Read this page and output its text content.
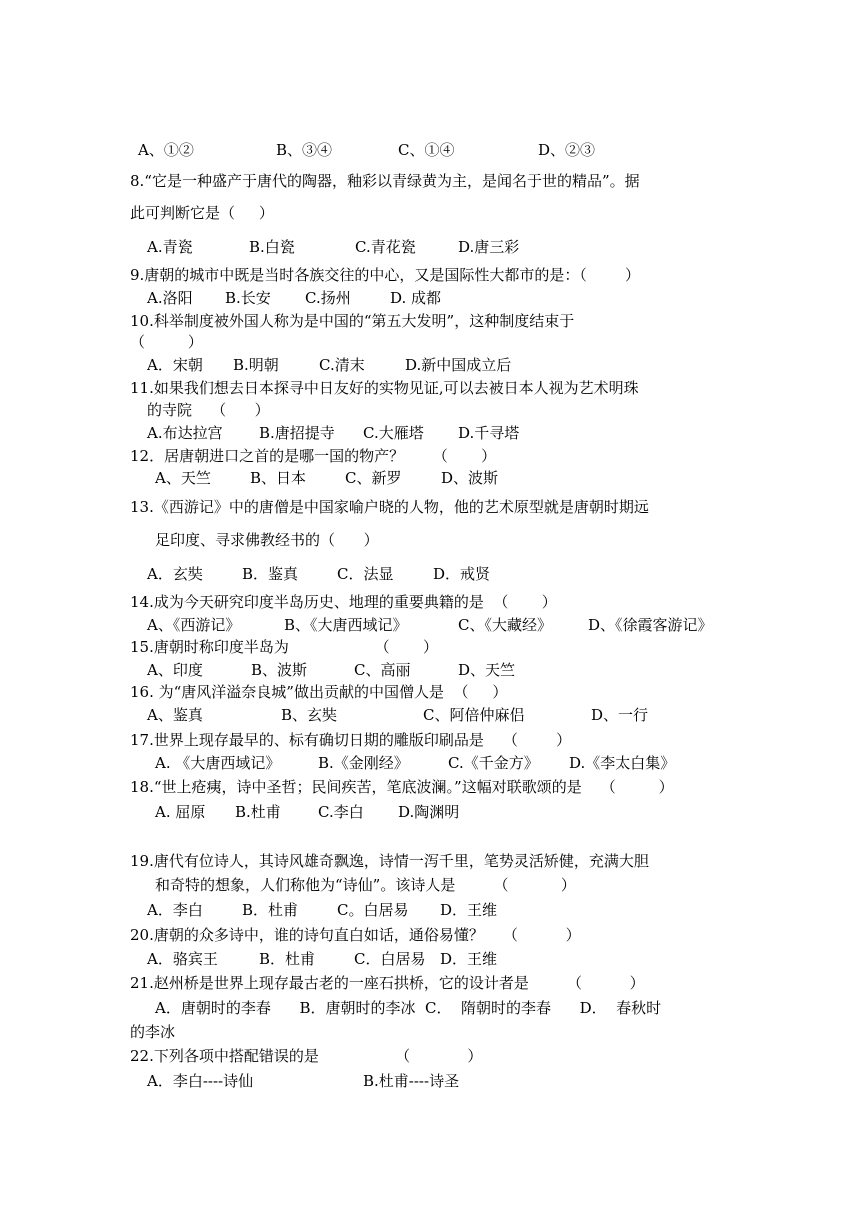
A、①②

	B、③④

	C、①④

	D、②③

8.“它是一种盛产于唐代的陶器，釉彩以青绿黄为主，是闻名于世的精品”。据
此可判断它是（     ）

A.青瓷

	B.白瓷

	C.青花瓷

	D.唐三彩

9.唐朝的城市中既是当时各族交往的中心，又是国际性大都市的是：（        ）

A.洛阳

B.长安

C.扬州

	D. 成都

10.科举制度被外国人称为是中国的“第五大发明”，这种制度结束于
（         ）

A．宋朝

B.明朝

	C.清末

	D.新中国成立后

11.如果我们想去日本探寻中日友好的实物见证,可以去被日本人视为艺术明珠
的寺院    （      ）

A.布达拉宫

B.唐招提寺

C.大雁塔

D.千寻塔

12．居唐朝进口之首的是哪一国的物产？      （       ）

A、天竺

	B、日本

	C、新罗

	D、波斯

13.《西游记》中的唐僧是中国家喻户晓的人物，他的艺术原型就是唐朝时期远
足印度、寻求佛教经书的（      ）

A．玄奘

	B．鉴真

	C．法显

	D．戒贤

14.成为今天研究印度半岛历史、地理的重要典籍的是  （       ）

A、《西游记》

	B、《大唐西域记》

	C、《大藏经》

D、《徐霞客游记》

15.唐朝时称印度半岛为                  （       ）

A、印度

	B、波斯

	C、高丽

	D、天竺

16. 为“唐风洋溢奈良城”做出贡献的中国僧人是  （     ）

A、鉴真

	B、玄奘

	C、阿倍仲麻侣

	D、一行

17.世界上现存最早的、标有确切日期的雕版印刷品是    （        ）

A. 《大唐西域记》

	B.《金刚经》

	C.《千金方》

D.《李太白集》

18.“世上疮痍，诗中圣哲；民间疾苦，笔底波澜。”这幅对联歌颂的是    （         ）

A. 屈原

B.杜甫

C.李白

D.陶渊明

19.唐代有位诗人，其诗风雄奇飘逸，诗情一泻千里，笔势灵活矫健，充满大胆
和奇特的想象，人们称他为“诗仙”。该诗人是        （           ）

A．李白

	B．杜甫

	C。白居易

D．王维

20.唐朝的众多诗中，谁的诗句直白如话，通俗易懂？    （          ）

A．骆宾王

	B．杜甫

	C．白居易

D．王维

21.赵州桥是世界上现存最古老的一座石拱桥，它的设计者是        （          ）
A．唐朝时的李春      B．唐朝时的李冰  C．  隋朝时的李春      D．  春秋时
的李冰
22.下列各项中搭配错误的是                （            ）

A．李白----诗仙

	B.杜甫----诗圣
